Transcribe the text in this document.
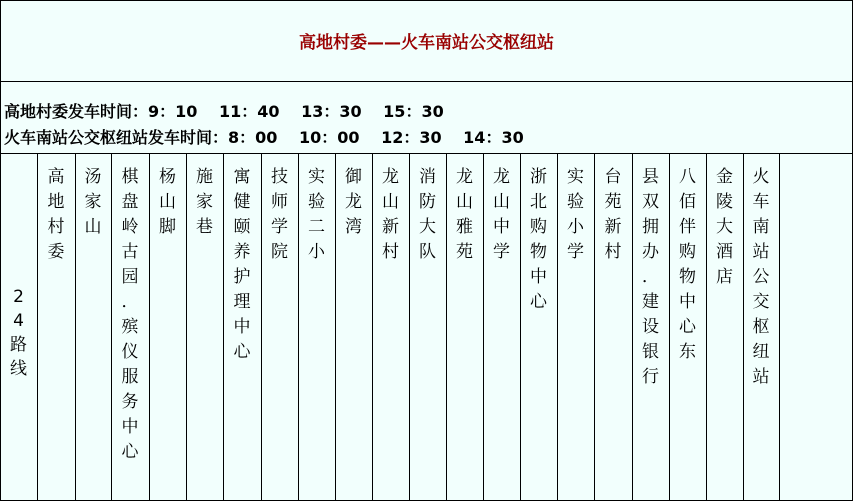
高地村委——火车南站公交枢纽站
高地村委发车时间：9：10　 11：40　 13：30　 15：30
火车南站公交枢纽站发车时间：8：00　 10：00　 12：30　 14：30
2
4
路
线
高
地
村
委
汤
家
山
棋
盘
岭
古
园
．
殡
仪
服
务
中
心
杨
山
脚
施
家
巷
寓
健
颐
养
护
理
中
心
技
师
学
院
实
验
二
小
御
龙
湾
龙
山
新
村
消
防
大
队
龙
山
雅
苑
龙
山
中
学
浙
北
购
物
中
心
实
验
小
学
台
苑
新
村
县
双
拥
办
．
建
设
银
行
八
佰
伴
购
物
中
心
东
金
陵
大
酒
店
火
车
南
站
公
交
枢
纽
站
